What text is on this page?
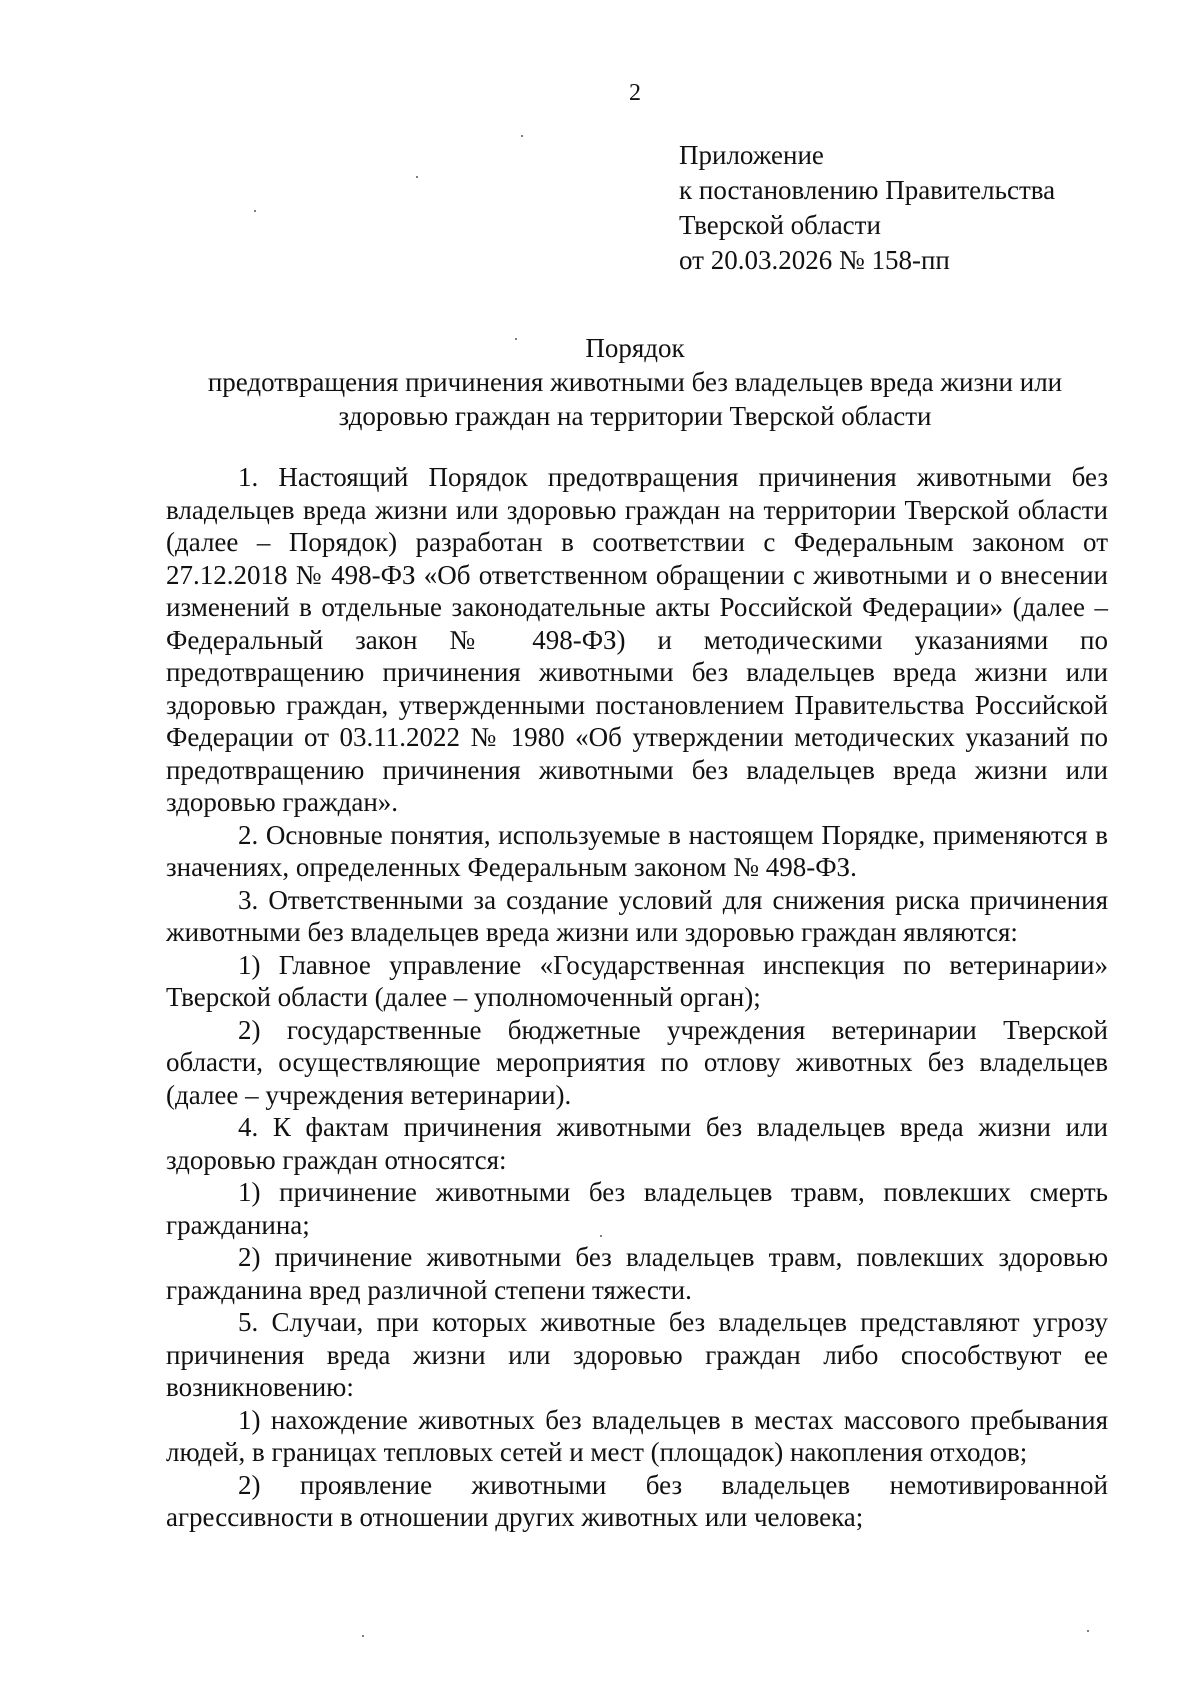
2
Приложение
к постановлению Правительства
Тверской области
от 20.03.2026 № 158-пп
Порядок
предотвращения причинения животными без владельцев вреда жизни или
здоровью граждан на территории Тверской области

1. Настоящий Порядок предотвращения причинения животными без владельцев вреда жизни или здоровью граждан на территории Тверской области (далее – Порядок) разработан в соответствии с Федеральным законом от 27.12.2018 № 498-ФЗ «Об ответственном обращении с животными и о внесении изменений в отдельные законодательные акты Российской Федерации» (далее – Федеральный закон № 498-ФЗ) и методическими указаниями по предотвращению причинения животными без владельцев вреда жизни или здоровью граждан, утвержденными постановлением Правительства Российской Федерации от 03.11.2022 № 1980 «Об утверждении методических указаний по предотвращению причинения животными без владельцев вреда жизни или здоровью граждан».

2. Основные понятия, используемые в настоящем Порядке, применяются в значениях, определенных Федеральным законом № 498-ФЗ.

3. Ответственными за создание условий для снижения риска причинения животными без владельцев вреда жизни или здоровью граждан являются:

1) Главное управление «Государственная инспекция по ветеринарии» Тверской области (далее – уполномоченный орган);

2) государственные бюджетные учреждения ветеринарии Тверской области, осуществляющие мероприятия по отлову животных без владельцев (далее – учреждения ветеринарии).

4. К фактам причинения животными без владельцев вреда жизни или здоровью граждан относятся:

1) причинение животными без владельцев травм, повлекших смерть гражданина;

2) причинение животными без владельцев травм, повлекших здоровью гражданина вред различной степени тяжести.

5. Случаи, при которых животные без владельцев представляют угрозу причинения вреда жизни или здоровью граждан либо способствуют ее возникновению:

1) нахождение животных без владельцев в местах массового пребывания людей, в границах тепловых сетей и мест (площадок) накопления отходов;

2) проявление животными без владельцев немотивированной агрессивности в отношении других животных или человека;
